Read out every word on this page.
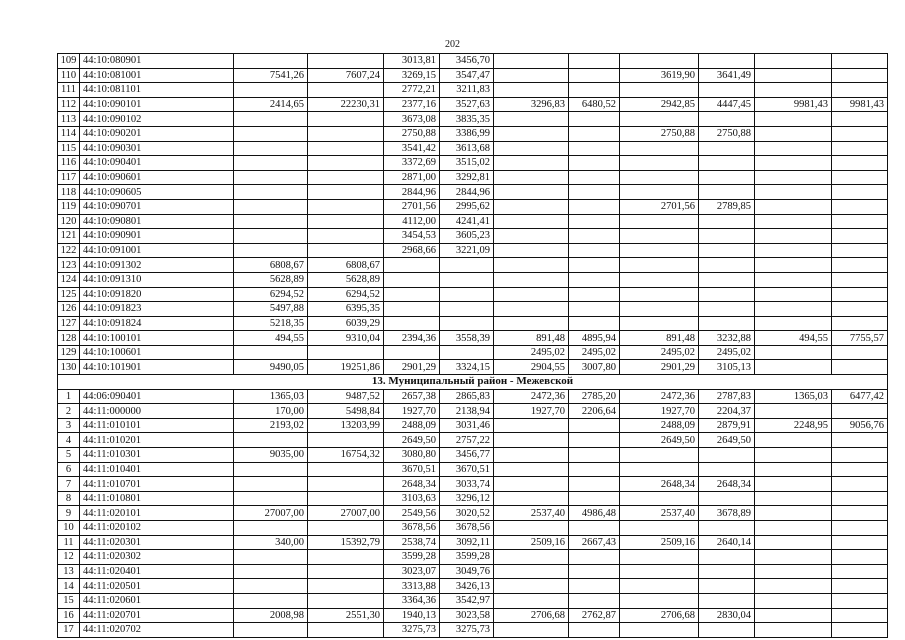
202
109	44:10:080901			3013,81	3456,70						
110	44:10:081001	7541,26	7607,24	3269,15	3547,47			3619,90	3641,49		
111	44:10:081101			2772,21	3211,83						
112	44:10:090101	2414,65	22230,31	2377,16	3527,63	3296,83	6480,52	2942,85	4447,45	9981,43	9981,43
113	44:10:090102			3673,08	3835,35						
114	44:10:090201			2750,88	3386,99			2750,88	2750,88		
115	44:10:090301			3541,42	3613,68						
116	44:10:090401			3372,69	3515,02						
117	44:10:090601			2871,00	3292,81						
118	44:10:090605			2844,96	2844,96						
119	44:10:090701			2701,56	2995,62			2701,56	2789,85		
120	44:10:090801			4112,00	4241,41						
121	44:10:090901			3454,53	3605,23						
122	44:10:091001			2968,66	3221,09						
123	44:10:091302	6808,67	6808,67								
124	44:10:091310	5628,89	5628,89								
125	44:10:091820	6294,52	6294,52								
126	44:10:091823	5497,88	6395,35								
127	44:10:091824	5218,35	6039,29								
128	44:10:100101	494,55	9310,04	2394,36	3558,39	891,48	4895,94	891,48	3232,88	494,55	7755,57
129	44:10:100601					2495,02	2495,02	2495,02	2495,02		
130	44:10:101901	9490,05	19251,86	2901,29	3324,15	2904,55	3007,80	2901,29	3105,13		
13. Муниципальный район - Межевской											
1	44:06:090401	1365,03	9487,52	2657,38	2865,83	2472,36	2785,20	2472,36	2787,83	1365,03	6477,42
2	44:11:000000	170,00	5498,84	1927,70	2138,94	1927,70	2206,64	1927,70	2204,37		
3	44:11:010101	2193,02	13203,99	2488,09	3031,46			2488,09	2879,91	2248,95	9056,76
4	44:11:010201			2649,50	2757,22			2649,50	2649,50		
5	44:11:010301	9035,00	16754,32	3080,80	3456,77						
6	44:11:010401			3670,51	3670,51						
7	44:11:010701			2648,34	3033,74			2648,34	2648,34		
8	44:11:010801			3103,63	3296,12						
9	44:11:020101	27007,00	27007,00	2549,56	3020,52	2537,40	4986,48	2537,40	3678,89		
10	44:11:020102			3678,56	3678,56						
11	44:11:020301	340,00	15392,79	2538,74	3092,11	2509,16	2667,43	2509,16	2640,14		
12	44:11:020302			3599,28	3599,28						
13	44:11:020401			3023,07	3049,76						
14	44:11:020501			3313,88	3426,13						
15	44:11:020601			3364,36	3542,97						
16	44:11:020701	2008,98	2551,30	1940,13	3023,58	2706,68	2762,87	2706,68	2830,04		
17	44:11:020702			3275,73	3275,73						
